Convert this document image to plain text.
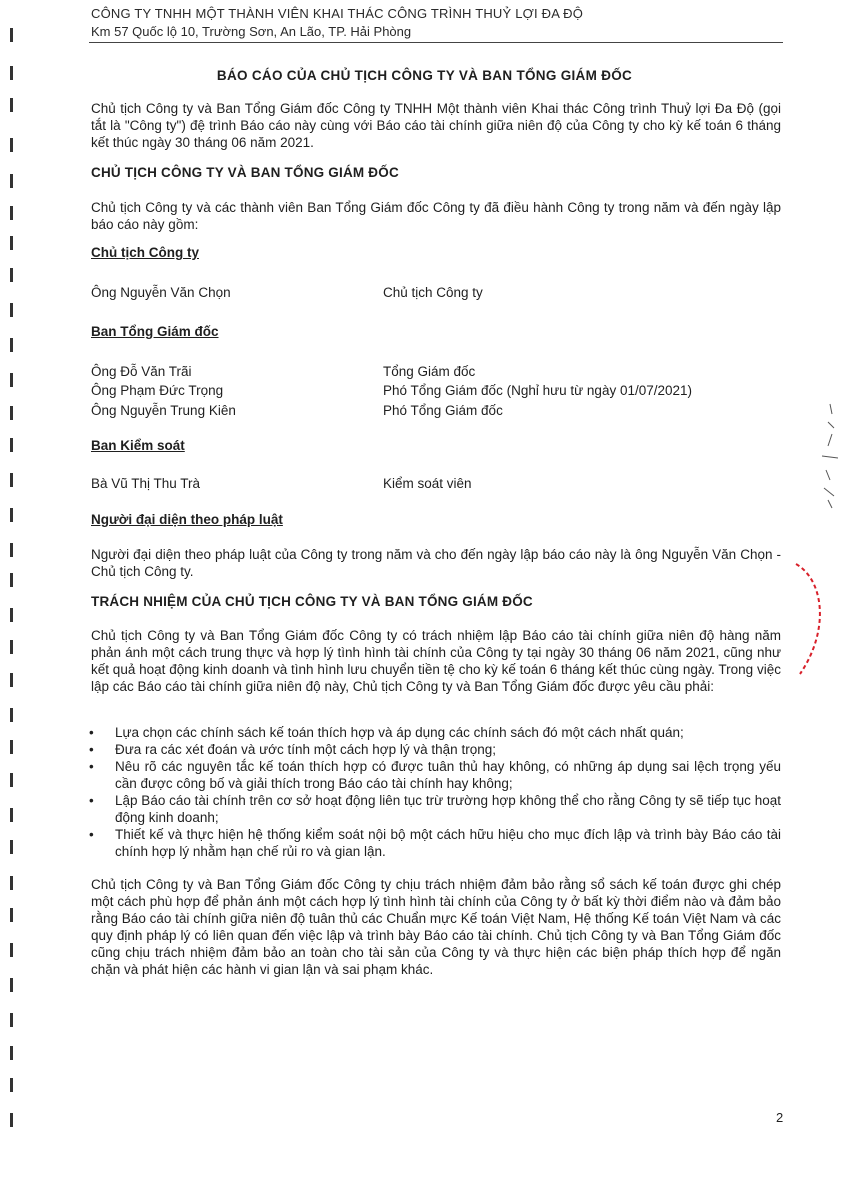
CÔNG TY TNHH MỘT THÀNH VIÊN KHAI THÁC CÔNG TRÌNH THUỶ LỢI ĐA ĐỘ
Km 57 Quốc lộ 10, Trường Sơn, An Lão, TP. Hải Phòng
BÁO CÁO CỦA CHỦ TỊCH CÔNG TY VÀ BAN TỔNG GIÁM ĐỐC
Chủ tịch Công ty và Ban Tổng Giám đốc Công ty TNHH Một thành viên Khai thác Công trình Thuỷ lợi Đa Độ (gọi tắt là "Công ty") đệ trình Báo cáo này cùng với Báo cáo tài chính giữa niên độ của Công ty cho kỳ kế toán 6 tháng kết thúc ngày 30 tháng 06 năm 2021.
CHỦ TỊCH CÔNG TY VÀ BAN TỔNG GIÁM ĐỐC
Chủ tịch Công ty và các thành viên Ban Tổng Giám đốc Công ty đã điều hành Công ty trong năm và đến ngày lập báo cáo này gồm:
Chủ tịch Công ty
Ông Nguyễn Văn Chọn	Chủ tịch Công ty
Ban Tổng Giám đốc
Ông Đỗ Văn Trãi	Tổng Giám đốc
Ông Phạm Đức Trọng	Phó Tổng Giám đốc (Nghỉ hưu từ ngày 01/07/2021)
Ông Nguyễn Trung Kiên	Phó Tổng Giám đốc
Ban Kiểm soát
Bà Vũ Thị Thu Trà	Kiểm soát viên
Người đại diện theo pháp luật
Người đại diện theo pháp luật của Công ty trong năm và cho đến ngày lập báo cáo này là ông Nguyễn Văn Chọn - Chủ tịch Công ty.
TRÁCH NHIỆM CỦA CHỦ TỊCH CÔNG TY VÀ BAN TỔNG GIÁM ĐỐC
Chủ tịch Công ty và Ban Tổng Giám đốc Công ty có trách nhiệm lập Báo cáo tài chính giữa niên độ hàng năm phản ánh một cách trung thực và hợp lý tình hình tài chính của Công ty tại ngày 30 tháng 06 năm 2021, cũng như kết quả hoạt động kinh doanh và tình hình lưu chuyển tiền tệ cho kỳ kế toán 6 tháng kết thúc cùng ngày. Trong việc lập các Báo cáo tài chính giữa niên độ này, Chủ tịch Công ty và Ban Tổng Giám đốc được yêu cầu phải:
• Lựa chọn các chính sách kế toán thích hợp và áp dụng các chính sách đó một cách nhất quán;
• Đưa ra các xét đoán và ước tính một cách hợp lý và thận trọng;
• Nêu rõ các nguyên tắc kế toán thích hợp có được tuân thủ hay không, có những áp dụng sai lệch trọng yếu cần được công bố và giải thích trong Báo cáo tài chính hay không;
• Lập Báo cáo tài chính trên cơ sở hoạt động liên tục trừ trường hợp không thể cho rằng Công ty sẽ tiếp tục hoạt động kinh doanh;
• Thiết kế và thực hiện hệ thống kiểm soát nội bộ một cách hữu hiệu cho mục đích lập và trình bày Báo cáo tài chính hợp lý nhằm hạn chế rủi ro và gian lận.
Chủ tịch Công ty và Ban Tổng Giám đốc Công ty chịu trách nhiệm đảm bảo rằng sổ sách kế toán được ghi chép một cách phù hợp để phản ánh một cách hợp lý tình hình tài chính của Công ty ở bất kỳ thời điểm nào và đảm bảo rằng Báo cáo tài chính giữa niên độ tuân thủ các Chuẩn mực Kế toán Việt Nam, Hệ thống Kế toán Việt Nam và các quy định pháp lý có liên quan đến việc lập và trình bày Báo cáo tài chính. Chủ tịch Công ty và Ban Tổng Giám đốc cũng chịu trách nhiệm đảm bảo an toàn cho tài sản của Công ty và thực hiện các biện pháp thích hợp để ngăn chặn và phát hiện các hành vi gian lận và sai phạm khác.
2
